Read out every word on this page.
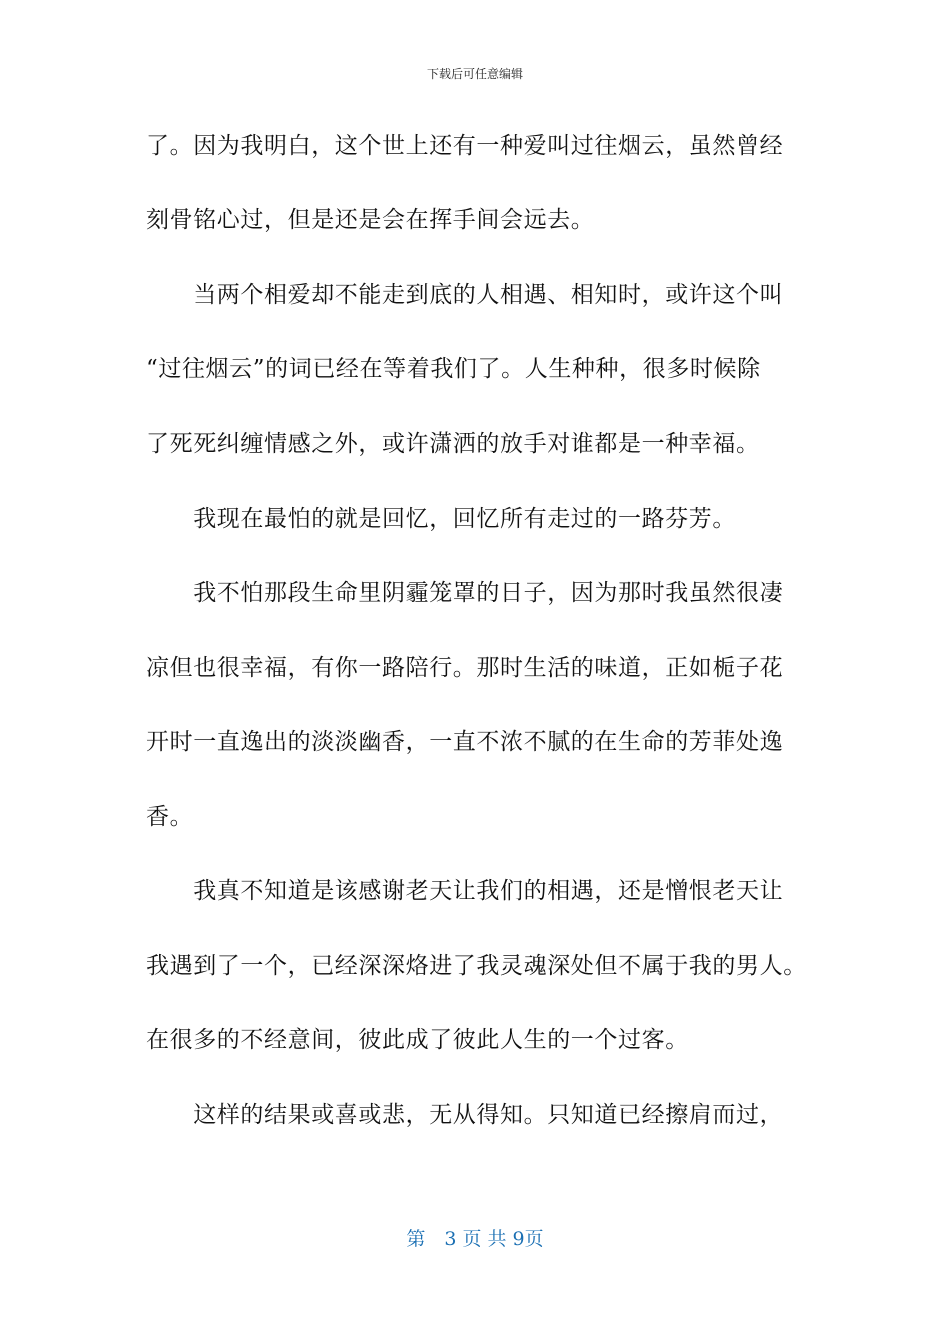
下载后可任意编辑
了。因为我明白，这个世上还有一种爱叫过往烟云，虽然曾经
刻骨铭心过，但是还是会在挥手间会远去。
　　当两个相爱却不能走到底的人相遇、相知时，或许这个叫
“过往烟云”的词已经在等着我们了。人生种种，很多时候除
了死死纠缠情感之外，或许潇洒的放手对谁都是一种幸福。
　　我现在最怕的就是回忆，回忆所有走过的一路芬芳。
　　我不怕那段生命里阴霾笼罩的日子，因为那时我虽然很凄
凉但也很幸福，有你一路陪行。那时生活的味道，正如栀子花
开时一直逸出的淡淡幽香，一直不浓不腻的在生命的芳菲处逸
香。
　　我真不知道是该感谢老天让我们的相遇，还是憎恨老天让
我遇到了一个，已经深深烙进了我灵魂深处但不属于我的男人。
在很多的不经意间，彼此成了彼此人生的一个过客。
　　这样的结果或喜或悲，无从得知。只知道已经擦肩而过，
第　3 页 共 9页
